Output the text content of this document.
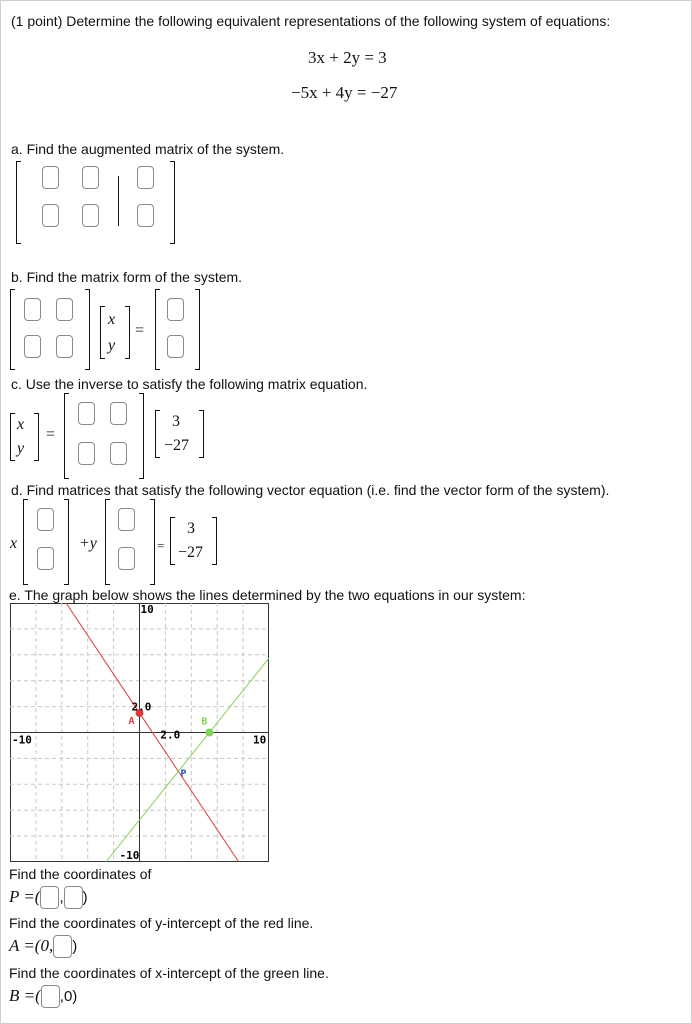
(1 point) Determine the following equivalent representations of the following system of equations:
3x + 2y = 3
−5x + 4y = −27
a. Find the augmented matrix of the system.
b. Find the matrix form of the system.
x
y
=
c. Use the inverse to satisfy the following matrix equation.
x
y
=
3
−27
d. Find matrices that satisfy the following vector equation (i.e. find the vector form of the system).
x	+y	=
3
−27
e. The graph below shows the lines determined by the two equations in our system:
10
-10
-10	10
2.0
2.0
A	B
P
Find the coordinates of
P =( , )
Find the coordinates of y-intercept of the red line.
A =(0, )
Find the coordinates of x-intercept of the green line.
B =( ,0)
